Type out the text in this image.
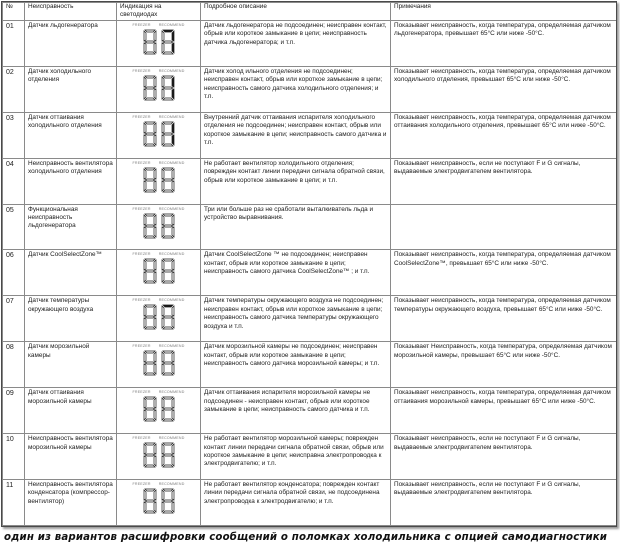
№	Неисправность	Индикация на светодиодах	Подробное описание	Примечания
01	Датчик льдогенератора	FREEZER RECOMMEND	Датчик льдогенератора не подсоединен; неисправен контакт, обрыв или короткое замыкание в цепи; неисправность датчика льдогенератора; и т.п.	Показывает неисправность, когда температура, определяемая датчиком льдогенератора, превышает 65°С или ниже -50°С.
02	Датчик холодильного отделения	FREEZER RECOMMEND	Датчик холод ильного отделения не подсоединен; неисправен контакт, обрыв или короткое замыкание в цепи; неисправность самого датчика холодильного отделения; и т.п.	Показывает неисправность, когда температура, определяемая датчиком холодильного отделения, превышает 65°С или ниже -50°С.
03	Датчик оттаивания холодильного отделения	FREEZER RECOMMEND	Внутренний датчик оттаивания испарителя холодильного отделения не подсоединен; неисправен контакт, обрыв или короткое замыкание в цепи; неисправность самого датчика и т.п.	Показывает неисправность, когда температура, определяемая датчиком оттаивания холодильного отделения, превышает 65°С или ниже -50°С.
04	Неисправность вентилятора холодильного отделения	FREEZER RECOMMEND	Не работает вентилятор холодильного отделения; поврежден контакт линии передачи сигнала обратной связи, обрыв или короткое замыкание в цепи; и т.п.	Показывает неисправность, если не поступают F и G сигналы, выдаваемые электродвигателем вентилятора.
05	Функциональная неисправность льдогенератора	FREEZER RECOMMEND	Три или больше раз не сработали выталкиватель льда и устройство выравнивания.	
06	Датчик CoolSelectZone™	FREEZER RECOMMEND	Датчик CoolSelectZone ™ не подсоединен; неисправен контакт, обрыв или короткое замыкание в цепи; неисправность самого датчика CoolSelectZone™ ; и т.п.	Показывает неисправность, когда температура, определяемая датчиком CoolSelectZone™, превышает 65°С или ниже -50°С.
07	Датчик температуры окружающего воздуха	FREEZER RECOMMEND	Датчик температуры окружающего воздуха не подсоединен; неисправен контакт, обрыв или короткое замыкание в цепи; неисправность самого датчика температуры окружающего воздуха и т.п.	Показывает неисправность, когда температура, определяемая датчиком температуры окружающего воздуха, превышает 65°С или ниже -50°С.
08	Датчик морозильной камеры	FREEZER RECOMMEND	Датчик морозильной камеры не подсоединен; неисправен контакт, обрыв или короткое замыкание в цепи; неисправность самого датчика морозильной камеры; и т.п.	Показывает Неисправность, когда температура, определяемая датчиком морозильной камеры, превышает 65°С или ниже -50°С.
09	Датчик оттаивания морозильной камеры	FREEZER RECOMMEND	Датчик оттаивания испарителя морозильной камеры не подсоединен - неисправен контакт, обрыв или короткое замыкание в цепи; неисправность самого датчика и т.п.	Показывает неисправность, когда температура, определяемая датчиком оттаивания морозильной камеры, превышает 65°С или ниже -50°С.
10	Неисправность вентилятора морозильной камеры	FREEZER RECOMMEND	Не работает вентилятор морозильной камеры; поврежден контакт линии передачи сигнала обратной связи, обрыв или короткое замыкание в цепи; неисправна электропроводка к электродвигателю; и т.п.	Показывает неисправность, если не поступают F и G сигналы, выдаваемые электродвигателем вентилятора.
11	Неисправность вентилятора конденсатора (компрессор-вентилятор)	FREEZER RECOMMEND	Не работает вентилятор конденсатора; поврежден контакт линии передачи сигнала обратной связи, не подсоединена электропроводка к электродвигателю; и т.п.	Показывает неисправность, если не поступают F и G сигналы, выдаваемые электродвигателем вентилятора.
один из вариантов расшифровки сообщений о поломках холодильника с опцией самодиагностики
